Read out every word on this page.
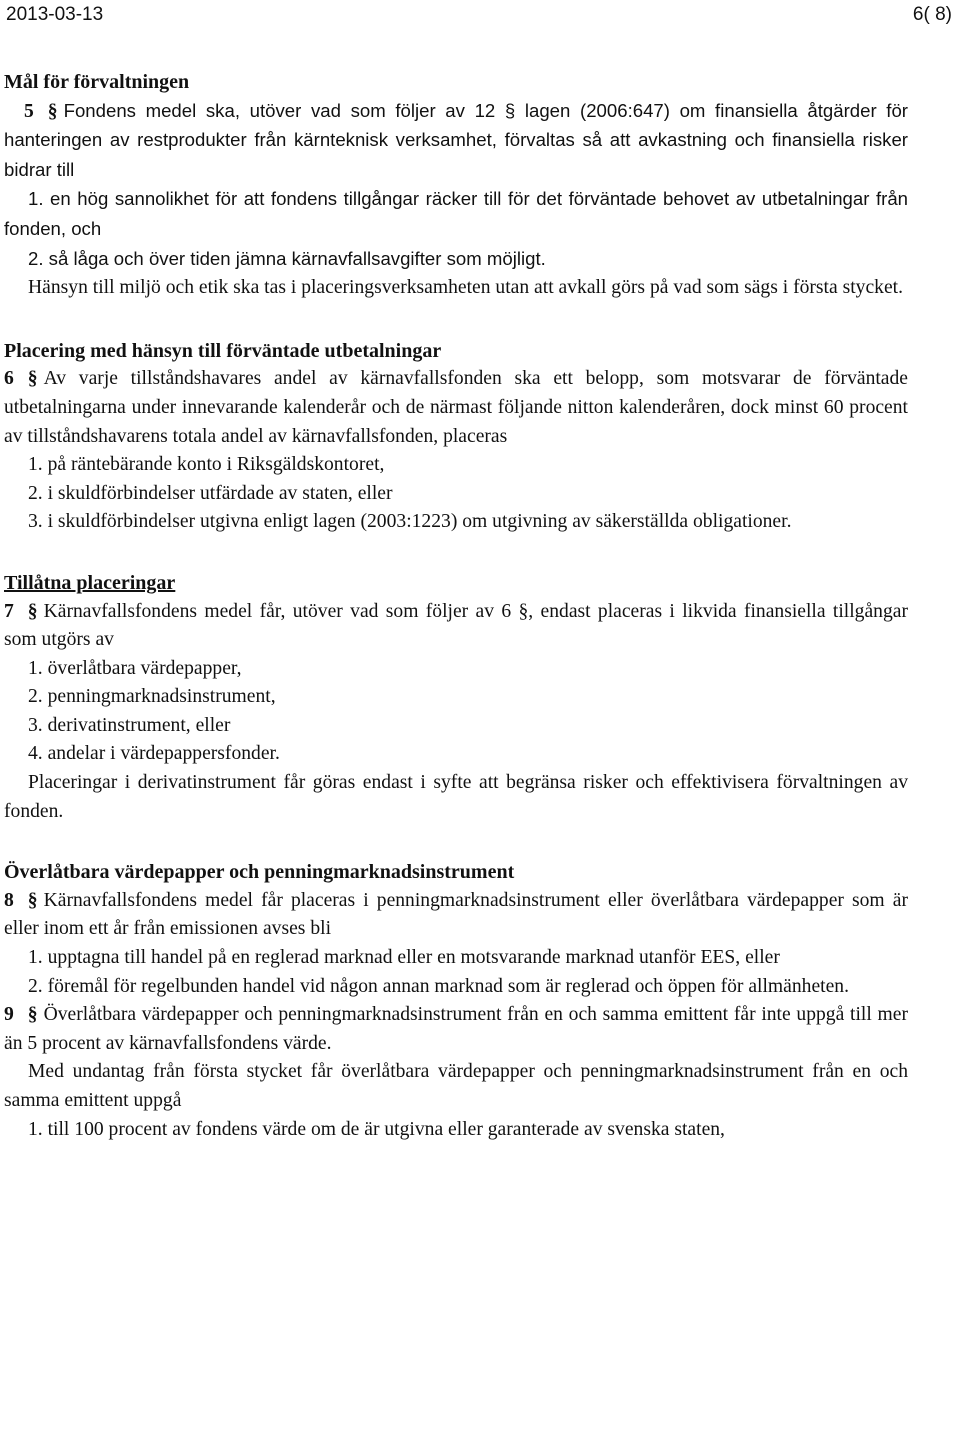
2013-03-13	6( 8)
Mål för förvaltningen

5 § Fondens medel ska, utöver vad som följer av 12 § lagen (2006:647) om finansiella åtgärder för hanteringen av restprodukter från kärnteknisk verksamhet, förvaltas så att avkastning och finansiella risker bidrar till

1. en hög sannolikhet för att fondens tillgångar räcker till för det förväntade behovet av utbetalningar från fonden, och

2. så låga och över tiden jämna kärnavfallsavgifter som möjligt.

Hänsyn till miljö och etik ska tas i placeringsverksamheten utan att avkall görs på vad som sägs i första stycket.

Placering med hänsyn till förväntade utbetalningar

6 § Av varje tillståndshavares andel av kärnavfallsfonden ska ett belopp, som motsvarar de förväntade utbetalningarna under innevarande kalenderår och de närmast följande nitton kalenderåren, dock minst 60 procent av tillståndshavarens totala andel av kärnavfallsfonden, placeras

1. på räntebärande konto i Riksgäldskontoret,

2. i skuldförbindelser utfärdade av staten, eller

3. i skuldförbindelser utgivna enligt lagen (2003:1223) om utgivning av säkerställda obligationer.

Tillåtna placeringar

7 § Kärnavfallsfondens medel får, utöver vad som följer av 6 §, endast placeras i likvida finansiella tillgångar som utgörs av

1. överlåtbara värdepapper,

2. penningmarknadsinstrument,

3. derivatinstrument, eller

4. andelar i värdepappersfonder.

Placeringar i derivatinstrument får göras endast i syfte att begränsa risker och effektivisera förvaltningen av fonden.

Överlåtbara värdepapper och penningmarknadsinstrument

8 § Kärnavfallsfondens medel får placeras i penningmarknadsinstrument eller överlåtbara värdepapper som är eller inom ett år från emissionen avses bli

1. upptagna till handel på en reglerad marknad eller en motsvarande marknad utanför EES, eller

2. föremål för regelbunden handel vid någon annan marknad som är reglerad och öppen för allmänheten.

9 § Överlåtbara värdepapper och penningmarknadsinstrument från en och samma emittent får inte uppgå till mer än 5 procent av kärnavfallsfondens värde.

Med undantag från första stycket får överlåtbara värdepapper och penningmarknadsinstrument från en och samma emittent uppgå

1. till 100 procent av fondens värde om de är utgivna eller garanterade av svenska staten,
